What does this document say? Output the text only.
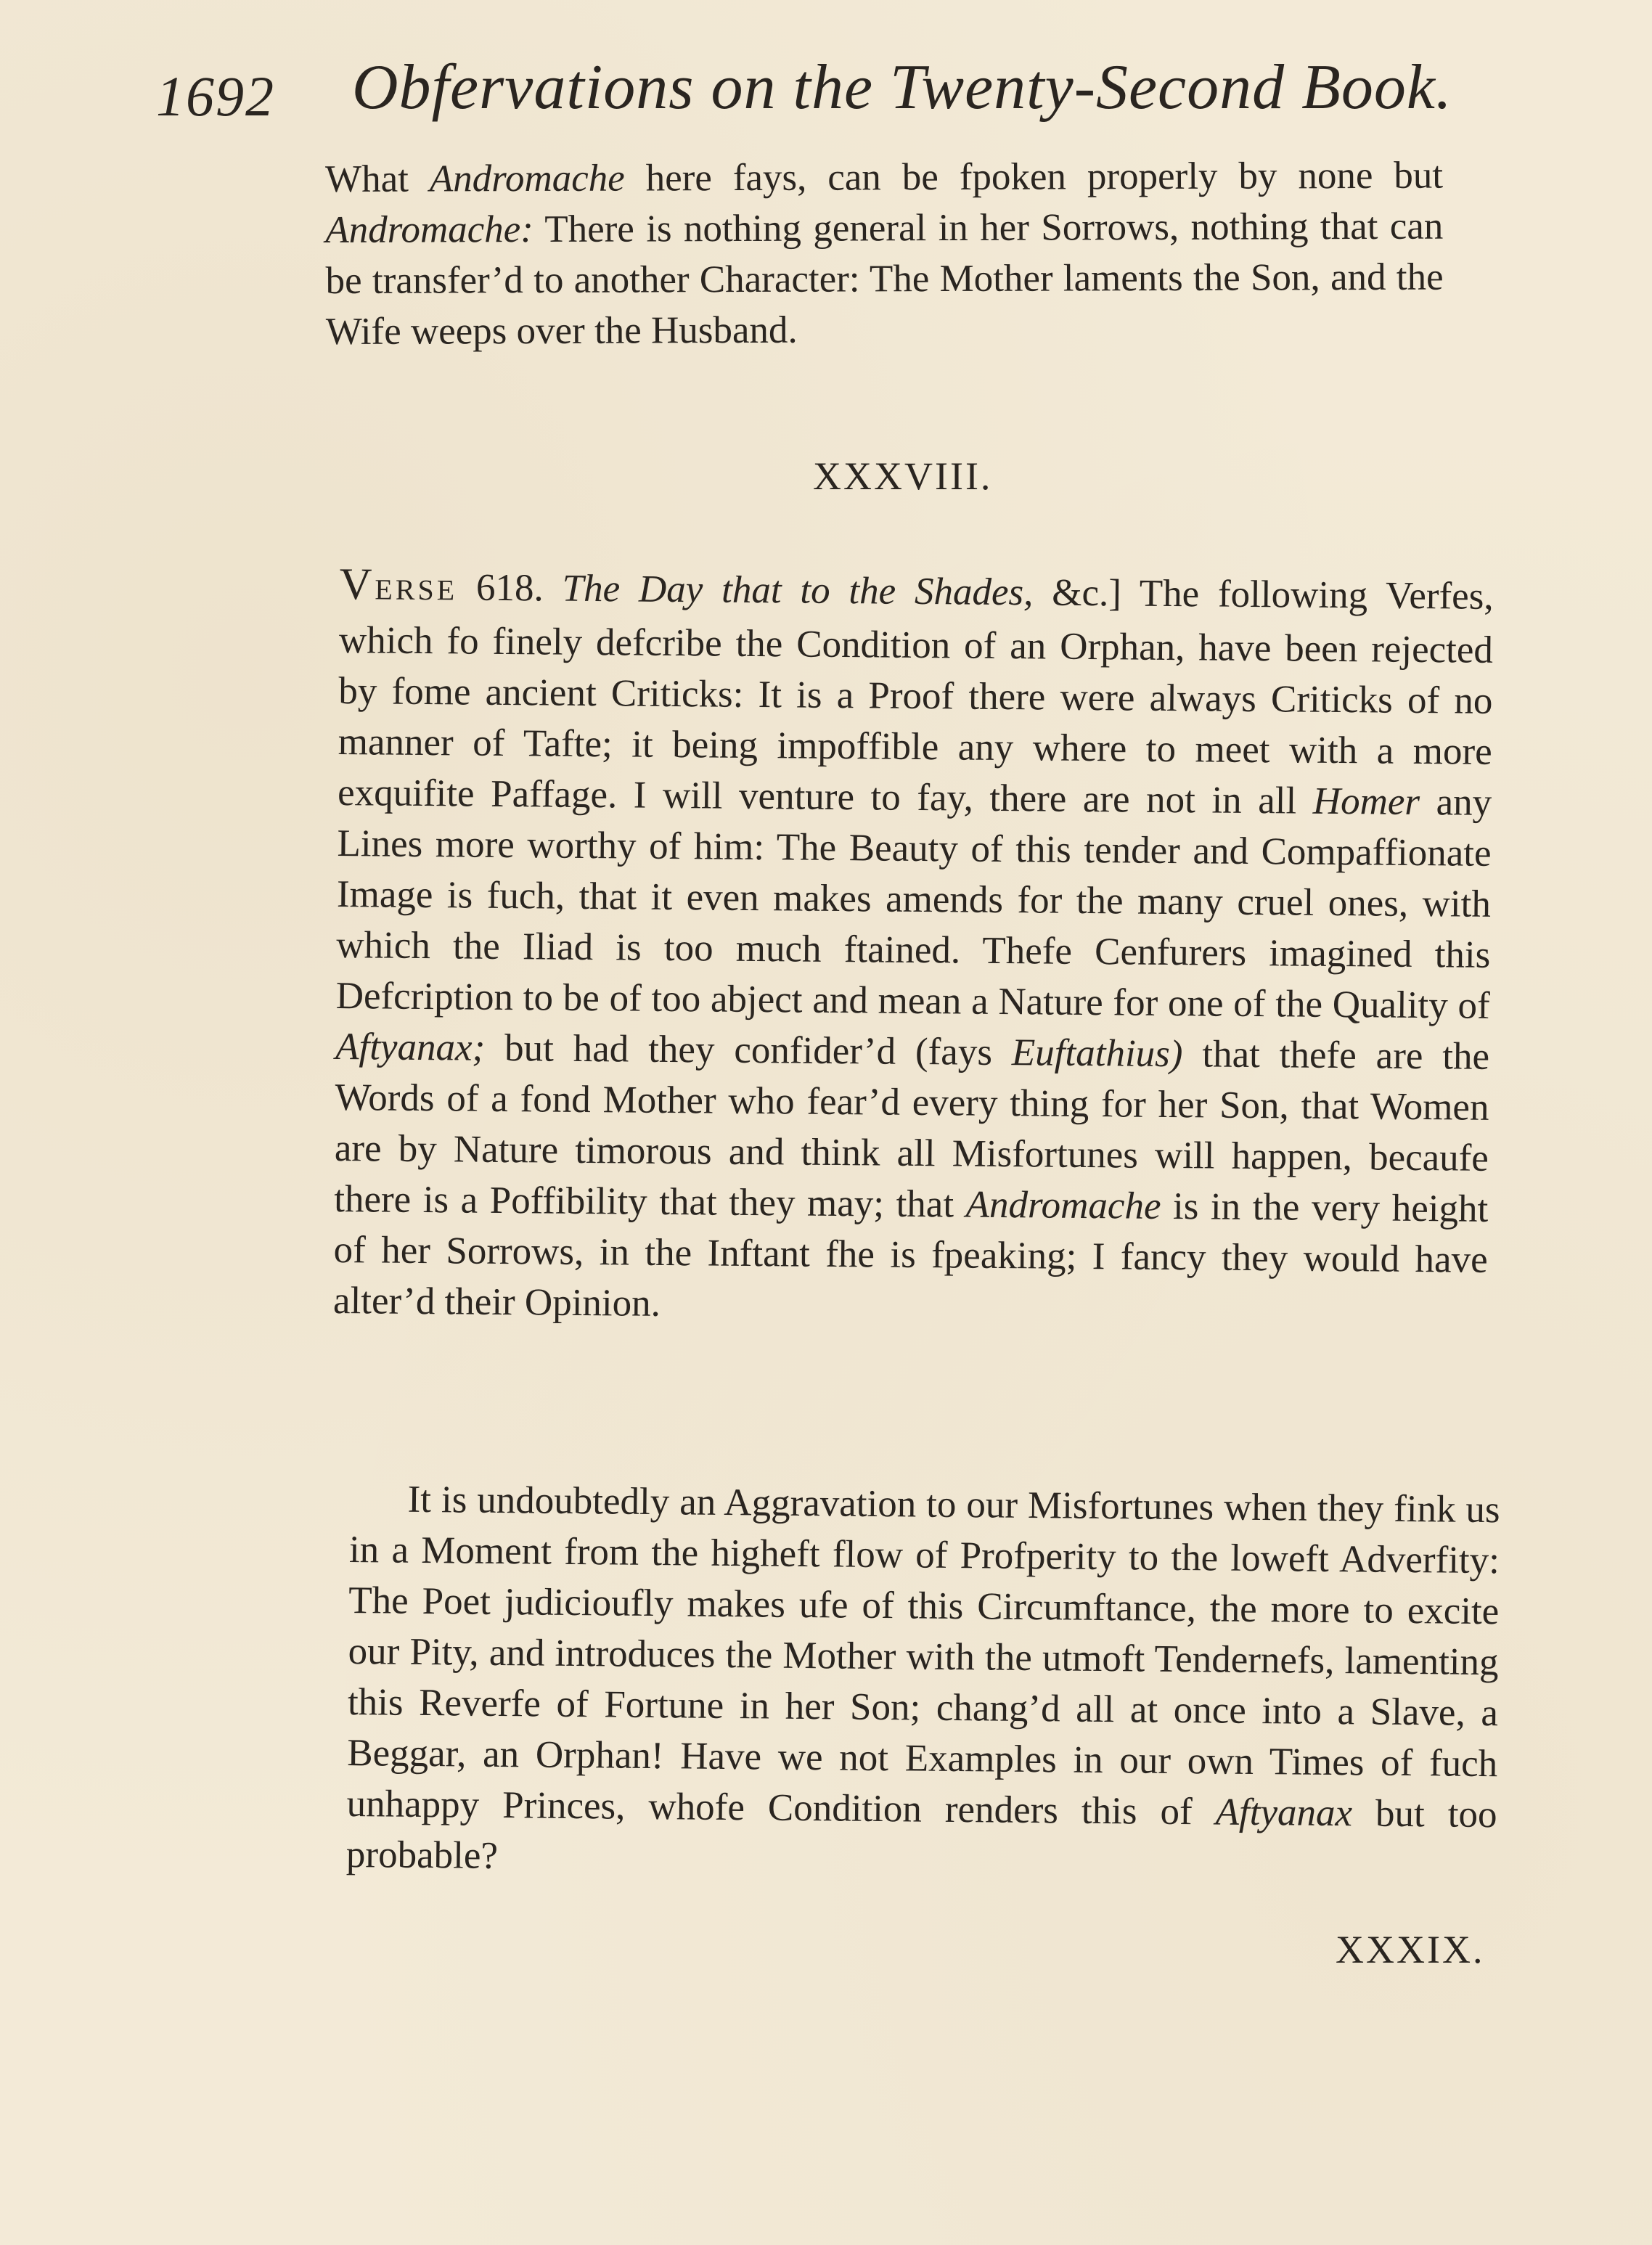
1692 Obfervations on the Twenty-Second Book.
What Andromache here fays, can be fpoken properly by none but Andromache: There is nothing general in her Sorrows, nothing that can be transfer’d to another Character: The Mother laments the Son, and the Wife weeps over the Husband.
XXXVIII.
VERSE 618. The Day that to the Shades, &c.] The following Verfes, which fo finely defcribe the Condition of an Orphan, have been rejected by fome ancient Criticks: It is a Proof there were always Criticks of no manner of Tafte; it being impoffible any where to meet with a more exquifite Paffage. I will venture to fay, there are not in all Homer any Lines more worthy of him: The Beauty of this tender and Compaffionate Image is fuch, that it even makes amends for the many cruel ones, with which the Iliad is too much ftained. Thefe Cenfurers imagined this Defcription to be of too abject and mean a Nature for one of the Quality of Aftyanax; but had they confider’d (fays Euftathius) that thefe are the Words of a fond Mother who fear’d every thing for her Son, that Women are by Nature timorous and think all Misfortunes will happen, becaufe there is a Poffibility that they may; that Andromache is in the very height of her Sorrows, in the Inftant fhe is fpeaking; I fancy they would have alter’d their Opinion.
It is undoubtedly an Aggravation to our Misfortunes when they fink us in a Moment from the higheft flow of Profperity to the loweft Adverfity: The Poet judicioufly makes ufe of this Circumftance, the more to excite our Pity, and introduces the Mother with the utmoft Tendernefs, lamenting this Reverfe of Fortune in her Son; chang’d all at once into a Slave, a Beggar, an Orphan! Have we not Examples in our own Times of fuch unhappy Princes, whofe Condition renders this of Aftyanax but too probable?
XXXIX.
